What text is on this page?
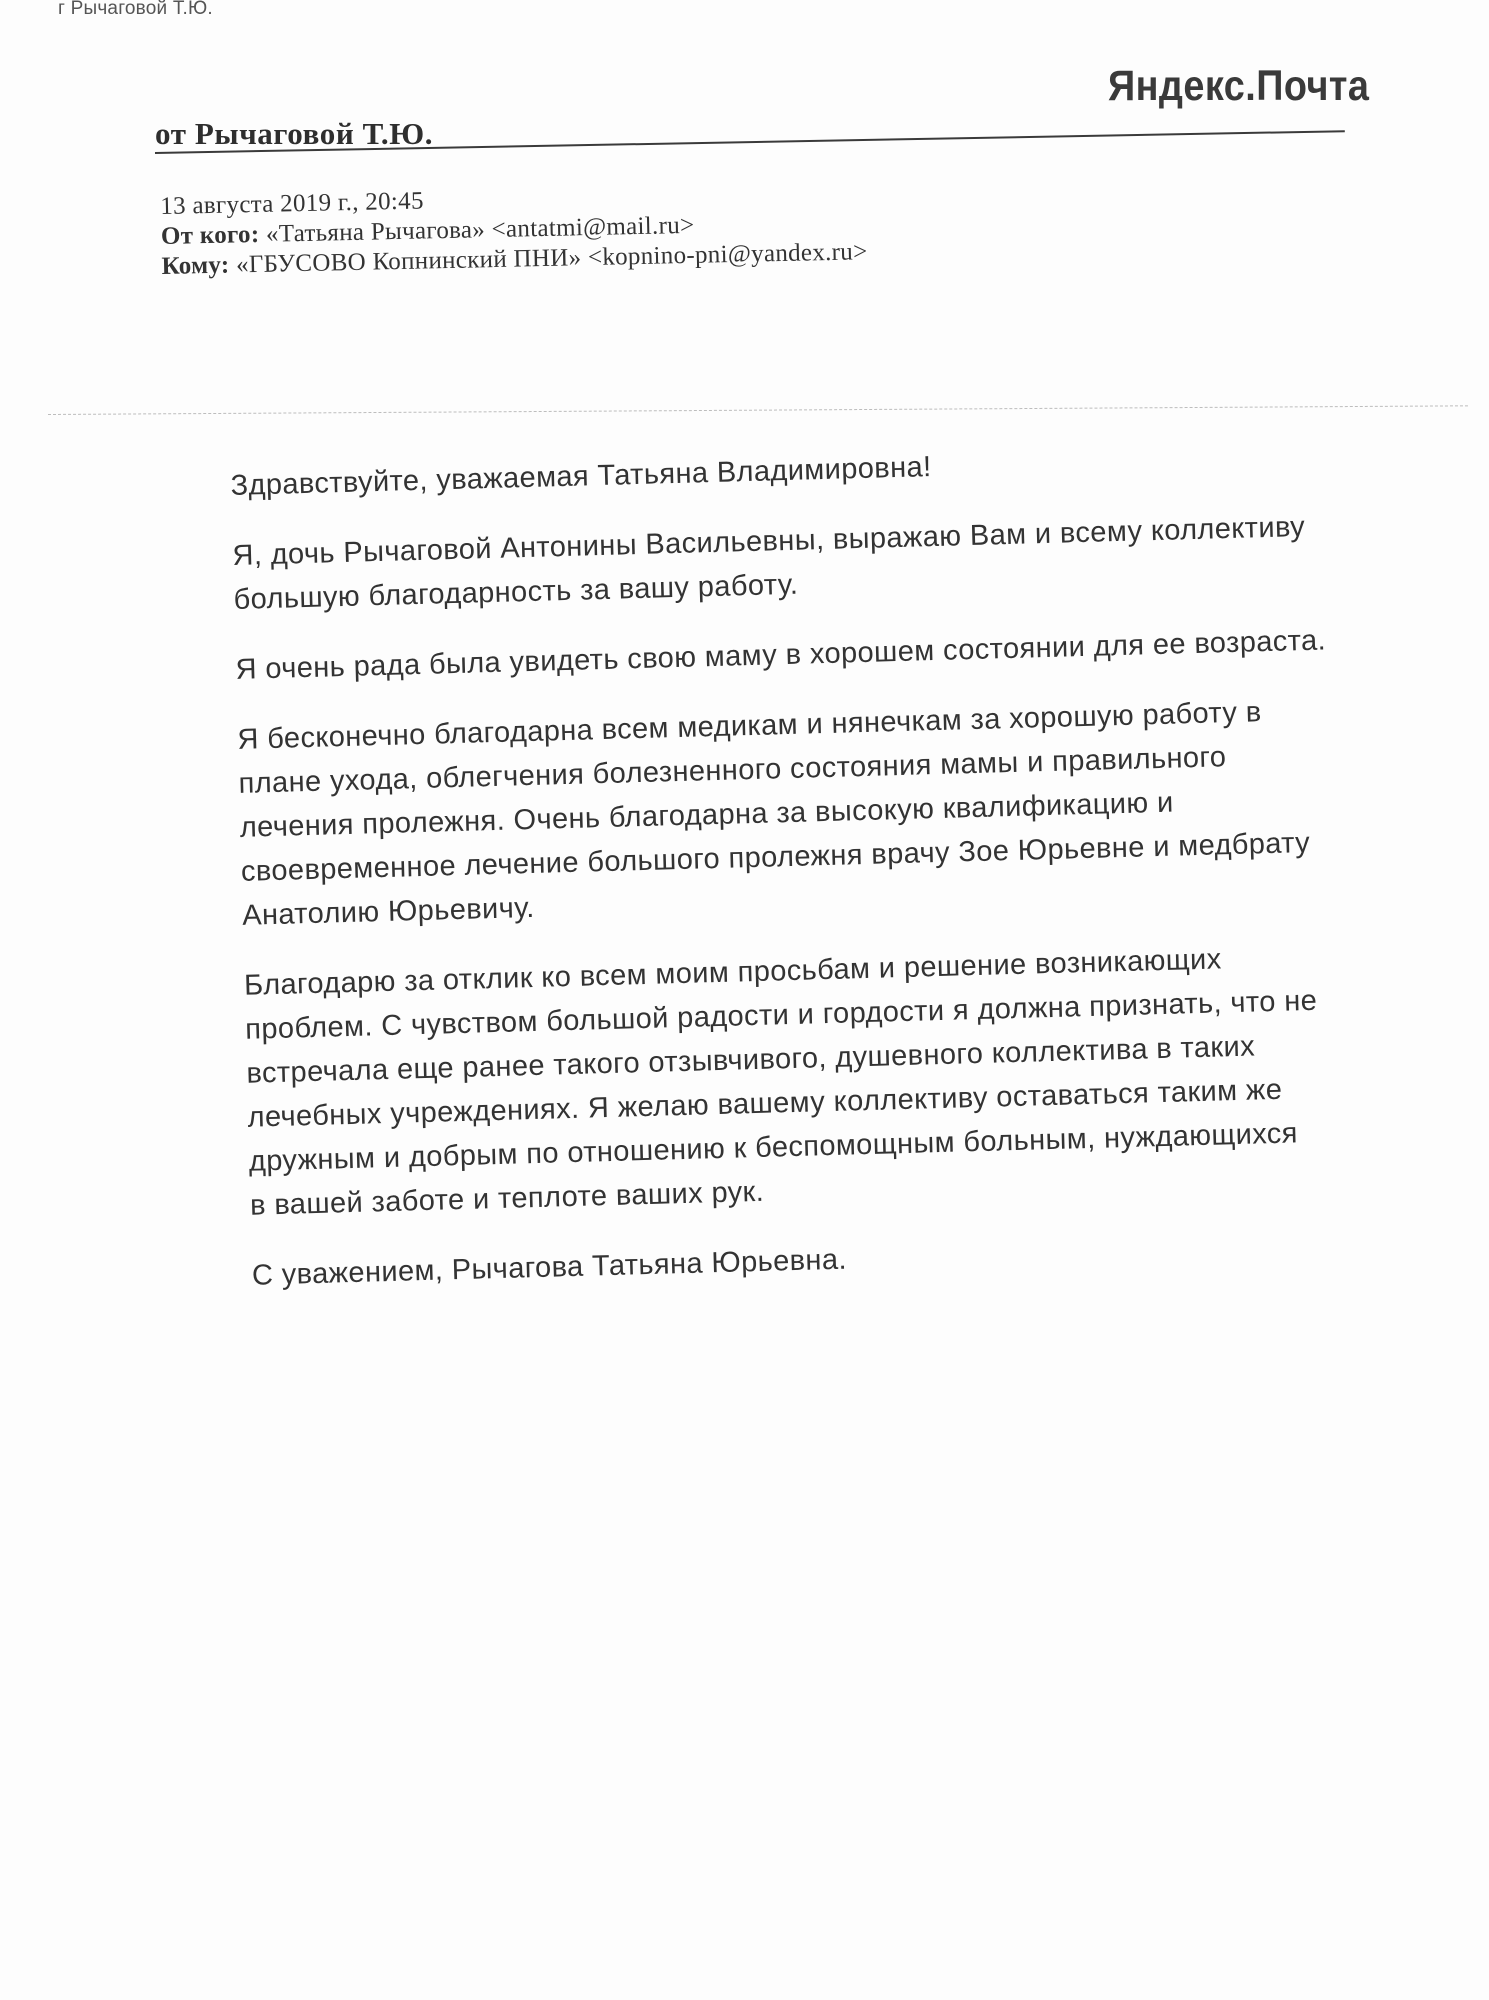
г Рычаговой Т.Ю.
Яндекс.Почта
от Рычаговой Т.Ю.
13 августа 2019 г., 20:45
От кого: «Татьяна Рычагова» <antatmi@mail.ru>
Кому: «ГБУСОВО Копнинский ПНИ» <kopnino-pni@yandex.ru>
Здравствуйте, уважаемая Татьяна Владимировна!
Я, дочь Рычаговой Антонины Васильевны, выражаю Вам и всему коллективу
большую благодарность за вашу работу.
Я очень рада была увидеть свою маму в хорошем состоянии для ее возраста.
Я бесконечно благодарна всем медикам и нянечкам за хорошую работу в
плане ухода, облегчения болезненного состояния мамы и правильного
лечения пролежня. Очень благодарна за высокую квалификацию и
своевременное лечение большого пролежня врачу Зое Юрьевне и медбрату
Анатолию Юрьевичу.
Благодарю за отклик ко всем моим просьбам и решение возникающих
проблем. С чувством большой радости и гордости я должна признать, что не
встречала еще ранее такого отзывчивого, душевного коллектива в таких
лечебных учреждениях. Я желаю вашему коллективу оставаться таким же
дружным и добрым по отношению к беспомощным больным, нуждающихся
в вашей заботе и теплоте ваших рук.
С уважением, Рычагова Татьяна Юрьевна.
